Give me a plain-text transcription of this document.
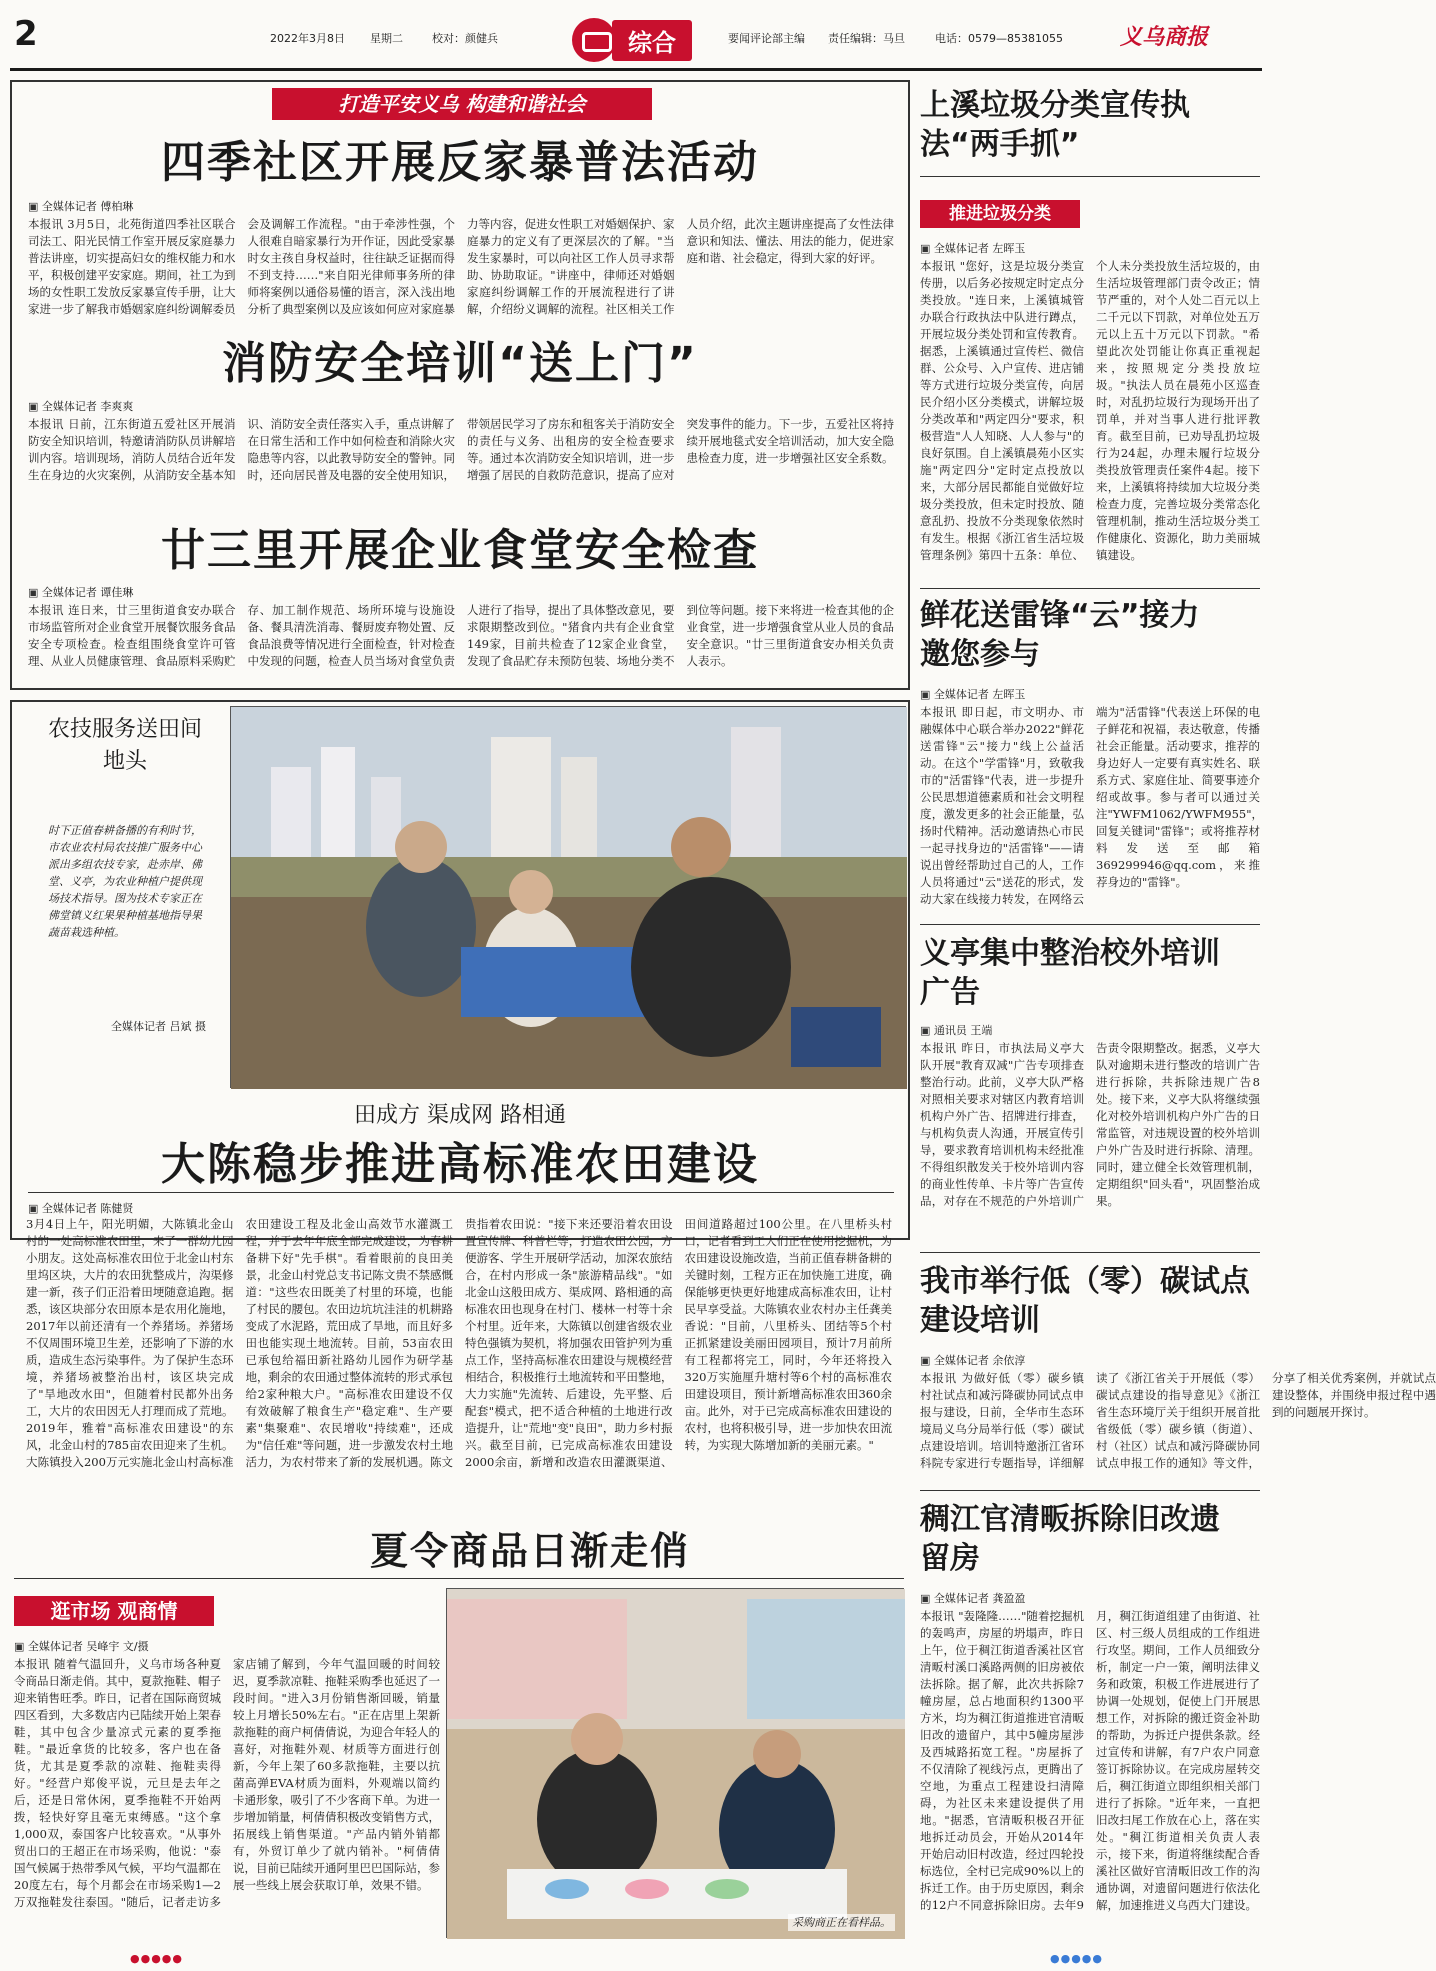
2	2022年3月8日 星期二	校对：颜健兵	综合	要闻评论部主编 责任编辑：马旦	电话：0579—85381055	义乌商报
打造平安义乌 构建和谐社会
四季社区开展反家暴普法活动
▣ 全媒体记者 傅柏琳
本报讯 3月5日，北苑街道四季社区联合司法工、阳光民情工作室开展反家庭暴力普法讲座，切实提高妇女的维权能力和水平，积极创建平安家庭。期间，社工为到场的女性职工发放反家暴宣传手册，让大家进一步了解我市婚姻家庭纠纷调解委员会及调解工作流程。"由于牵涉性强，个人很难自暗家暴行为开作证，因此受家暴时女主孩自身权益时，往往缺乏证据而得不到支持……"来自阳光律师事务所的律师将案例以通俗易懂的语言，深入浅出地分析了典型案例以及应该如何应对家庭暴力等内容，促进女性职工对婚姻保护、家庭暴力的定义有了更深层次的了解。"当发生家暴时，可以向社区工作人员寻求帮助、协助取证。"讲座中，律师还对婚姻家庭纠纷调解工作的开展流程进行了讲解，介绍纷义调解的流程。社区相关工作人员介绍，此次主题讲座提高了女性法律意识和知法、懂法、用法的能力，促进家庭和谐、社会稳定，得到大家的好评。
消防安全培训“送上门”
▣ 全媒体记者 李爽爽
本报讯 日前，江东街道五爱社区开展消防安全知识培训，特邀请消防队员讲解培训内容。培训现场，消防人员结合近年发生在身边的火灾案例，从消防安全基本知识、消防安全责任落实入手，重点讲解了在日常生活和工作中如何检查和消除火灾隐患等内容，以此教导防安全的警钟。同时，还向居民普及电器的安全使用知识，带领居民学习了房东和租客关于消防安全的责任与义务、出租房的安全检查要求等。通过本次消防安全知识培训，进一步增强了居民的自救防范意识，提高了应对突发事件的能力。下一步，五爱社区将持续开展地毯式安全培训活动，加大安全隐患检查力度，进一步增强社区安全系数。
廿三里开展企业食堂安全检查
▣ 全媒体记者 谭佳琳
本报讯 连日来，廿三里街道食安办联合市场监管所对企业食堂开展餐饮服务食品安全专项检查。检查组围绕食堂许可管理、从业人员健康管理、食品原料采购贮存、加工制作规范、场所环境与设施设备、餐具清洗消毒、餐厨废弃物处置、反食品浪费等情况进行全面检查，针对检查中发现的问题，检查人员当场对食堂负责人进行了指导，提出了具体整改意见，要求限期整改到位。"猪食内共有企业食堂149家，目前共检查了12家企业食堂，发现了食品贮存未预防包装、场地分类不到位等问题。接下来将进一检查其他的企业食堂，进一步增强食堂从业人员的食品安全意识。"廿三里街道食安办相关负责人表示。
农技服务送田间地头
时下正值春耕备播的有利时节，市农业农村局农技推广服务中心派出多组农技专家，赴赤岸、佛堂、义亭，为农业种植户提供现场技术指导。图为技术专家正在佛堂镇义红果果种植基地指导果蔬苗栽选种植。
全媒体记者 吕斌 摄
田成方 渠成网 路相通
大陈稳步推进高标准农田建设
▣ 全媒体记者 陈健贤
3月4日上午，阳光明媚，大陈镇北金山村的一处高标准农田里，来了一群幼儿园小朋友。这处高标准农田位于北金山村东里坞区块，大片的农田犹整成片，沟渠修建一新，孩子们正沿着田埂随意追跑。据悉，该区块部分农田原本是农用化施地，2017年以前还清有一个养猪场。养猪场不仅周围环境卫生差，还影响了下游的水质，造成生态污染事件。为了保护生态环境，养猪场被整治出村，该区块完成了"旱地改水田"，但随着村民都外出务工，大片的农田因无人打理而成了荒地。2019年，雅着"高标准农田建设"的东风，北金山村的785亩农田迎来了生机。大陈镇投入200万元实施北金山村高标准农田建设工程及北金山高效节水灌溉工程，并于去年年底全部完成建设，为春耕备耕下好"先手棋"。看着眼前的良田美景，北金山村党总支书记陈文贵不禁感慨道："这些农田既美了村里的环境，也能了村民的腰包。农田边坑坑洼洼的机耕路变成了水泥路，荒田成了旱地，而且好多田也能实现土地流转。目前，53亩农田已承包给福田新社路幼儿园作为研学基地，剩余的农田通过整体流转的形式承包给2家种粮大户。"高标准农田建设不仅有效破解了粮食生产"稳定难"、生产要素"集聚难"、农民增收"持续难"，还成为"信任难"等问题，进一步激发农村土地活力，为农村带来了新的发展机遇。陈文贵指着农田说："接下来还要沿着农田设置宣传牌、科普栏等，打造农田公园，方便游客、学生开展研学活动，加深农旅结合，在村内形成一条"旅游精品线"。"如北金山这般田成方、渠成网、路相通的高标准农田也现身在村门、楼林一村等十余个村里。近年来，大陈镇以创建省级农业特色强镇为契机，将加强农田管护列为重点工作，坚持高标准农田建设与规模经营相结合，积极推行土地流转和平田整地，大力实施"先流转、后建设，先平整、后配套"模式，把不适合种植的土地进行改造提升，让"荒地"变"良田"，助力乡村振兴。截至目前，已完成高标准农田建设2000余亩，新增和改造农田灌溉渠道、田间道路超过100公里。在八里桥头村口，记者看到工人们正在使用挖掘机，为农田建设设施改造，当前正值春耕备耕的关键时刻，工程方正在加快施工进度，确保能够更快更好地建成高标准农田，让村民早享受益。大陈镇农业农村办主任龚美香说："目前，八里桥头、团结等5个村正抓紧建设美丽田园项目，预计7月前所有工程都将完工，同时，今年还将投入320万实施厘升塘村等6个村的高标准农田建设项目，预计新增高标准农田360余亩。此外，对于已完成高标准农田建设的农村，也将积极引导，进一步加快农田流转，为实现大陈增加新的美丽元素。"
夏令商品日渐走俏
逛市场 观商情
▣ 全媒体记者 吴峰宇 文/摄
本报讯 随着气温回升，义乌市场各种夏令商品日渐走俏。其中，夏款拖鞋、帽子迎来销售旺季。昨日，记者在国际商贸城四区看到，大多数店内已陆续开始上架春鞋，其中包含少量凉式元素的夏季拖鞋。"最近拿货的比较多，客户也在备货，尤其是夏季款的凉鞋、拖鞋卖得好。"经营户郑俊平说，元旦是去年之后，还是日常休闲，夏季拖鞋不开始两拨，轻快好穿且毫无束缚感。"这个拿1,000双，泰国客户比较喜欢。"从事外贸出口的王超正在市场采购，他说："泰国气候属于热带季风气候，平均气温都在20度左右，每个月都会在市场采购1—2万双拖鞋发往泰国。"随后，记者走访多家店铺了解到，今年气温回暖的时间较迟，夏季款凉鞋、拖鞋采购季也延迟了一段时间。"进入3月份销售渐回暖，销量较上月增长50%左右。"正在店里上架新款拖鞋的商户柯倩倩说，为迎合年轻人的喜好，对拖鞋外观、材质等方面进行创新，今年上架了60多款拖鞋，主要以抗菌高弹EVA材质为面料，外观端以简约卡通形象，吸引了不少客商下单。为进一步增加销量，柯倩倩积极改变销售方式，拓展线上销售渠道。"产品内销外销都有，外贸订单少了就内销补。"柯倩倩说，目前已陆续开通阿里巴巴国际站，参展一些线上展会获取订单，效果不错。
采购商正在看样品。
上溪垃圾分类宣传执法“两手抓”
推进垃圾分类
▣ 全媒体记者 左晖玉
本报讯 "您好，这是垃圾分类宣传册，以后务必按规定时定点分类投放。"连日来，上溪镇城管办联合行政执法中队进行蹲点，开展垃圾分类处罚和宣传教育。据悉，上溪镇通过宣传栏、微信群、公众号、入户宣传、进店铺等方式进行垃圾分类宣传，向居民介绍小区分类模式，讲解垃圾分类改革和"两定四分"要求，积极营造"人人知晓、人人参与"的良好氛围。自上溪镇晨苑小区实施"两定四分"定时定点投放以来，大部分居民都能自觉做好垃圾分类投放，但未定时投放、随意乱扔、投放不分类现象依然时有发生。根据《浙江省生活垃圾管理条例》第四十五条：单位、个人未分类投放生活垃圾的，由生活垃圾管理部门责令改正；情节严重的，对个人处二百元以上二千元以下罚款，对单位处五万元以上五十万元以下罚款。"希望此次处罚能让你真正重视起来，按照规定分类投放垃圾。"执法人员在晨苑小区巡查时，对乱扔垃圾行为现场开出了罚单，并对当事人进行批评教育。截至目前，已劝导乱扔垃圾行为24起，办理未履行垃圾分类投放管理责任案件4起。接下来，上溪镇将持续加大垃圾分类检查力度，完善垃圾分类常态化管理机制，推动生活垃圾分类工作健康化、资源化，助力美丽城镇建设。
鲜花送雷锋“云”接力邀您参与
▣ 全媒体记者 左晖玉
本报讯 即日起，市文明办、市融媒体中心联合举办2022"鲜花送雷锋"云"接力"线上公益活动。在这个"学雷锋"月，致敬我市的"活雷锋"代表，进一步提升公民思想道德素质和社会文明程度，激发更多的社会正能量，弘扬时代精神。活动邀请热心市民一起寻找身边的"活雷锋"——请说出曾经帮助过自己的人，工作人员将通过"云"送花的形式，发动大家在线接力转发，在网络云端为"活雷锋"代表送上环保的电子鲜花和祝福，表达敬意，传播社会正能量。活动要求，推荐的身边好人一定要有真实姓名、联系方式、家庭住址、简要事迹介绍或故事。参与者可以通过关注"YWFM1062/YWFM955"，回复关键词"雷锋"；或将推荐材料发送至邮箱369299946@qq.com，来推荐身边的"雷锋"。
义亭集中整治校外培训广告
▣ 通讯员 王端
本报讯 昨日，市执法局义亭大队开展"教育双减"广告专项排查整治行动。此前，义亭大队严格对照相关要求对辖区内教育培训机构户外广告、招牌进行排查，与机构负责人沟通，开展宣传引导，要求教育培训机构未经批准不得组织散发关于校外培训内容的商业性传单、卡片等广告宣传品，对存在不规范的户外培训广告责令限期整改。据悉，义亭大队对逾期未进行整改的培训广告进行拆除，共拆除违规广告8处。接下来，义亭大队将继续强化对校外培训机构户外广告的日常监管，对违规设置的校外培训户外广告及时进行拆除、清理。同时，建立健全长效管理机制，定期组织"回头看"，巩固整治成果。
我市举行低（零）碳试点建设培训
▣ 全媒体记者 余依淳
本报讯 为做好低（零）碳乡镇村社试点和减污降碳协同试点申报与建设，日前，全华市生态环境局义乌分局举行低（零）碳试点建设培训。培训特邀浙江省环科院专家进行专题指导，详细解读了《浙江省关于开展低（零）碳试点建设的指导意见》《浙江省生态环境厅关于组织开展首批省级低（零）碳乡镇（街道）、村（社区）试点和减污降碳协同试点申报工作的通知》等文件，分享了相关优秀案例，并就试点建设整体，并围绕申报过程中遇到的问题展开探讨。
稠江官清畈拆除旧改遗留房
▣ 全媒体记者 龚盈盈
本报讯 "轰隆隆……"随着挖掘机的轰鸣声，房屋的坍塌声，昨日上午，位于稠江街道香溪社区官清畈村溪口溪路两侧的旧房被依法拆除。据了解，此次共拆除7幢房屋，总占地面积约1300平方米，均为稠江街道推进官清畈旧改的遗留户，其中5幢房屋涉及西城路拓宽工程。"房屋拆了不仅清除了视线污点，更腾出了空地，为重点工程建设扫清障碍，为社区未来建设提供了用地。"据悉，官清畈积极召开征地拆迁动员会，开始从2014年开始启动旧村改造，经过四轮投标选位，全村已完成90%以上的拆迁工作。由于历史原因，剩余的12户不同意拆除旧房。去年9月，稠江街道组建了由街道、社区、村三级人员组成的工作组进行攻坚。期间，工作人员细致分析，制定一户一策，阐明法律义务和政策，积极工作进展进行了协调一处规划，促使上门开展思想工作，对拆除的搬迁资金补助的帮助，为拆迁户提供条款。经过宣传和讲解，有7户农户同意签订拆除协议。在完成房屋转交后，稠江街道立即组织相关部门进行了拆除。"近年来，一直把旧改扫尾工作放在心上，落在实处。"稠江街道相关负责人表示，接下来，街道将继续配合香溪社区做好官清畈旧改工作的沟通协调，对遗留问题进行依法化解，加速推进义乌西大门建设。
●●●●●	●●●●●
